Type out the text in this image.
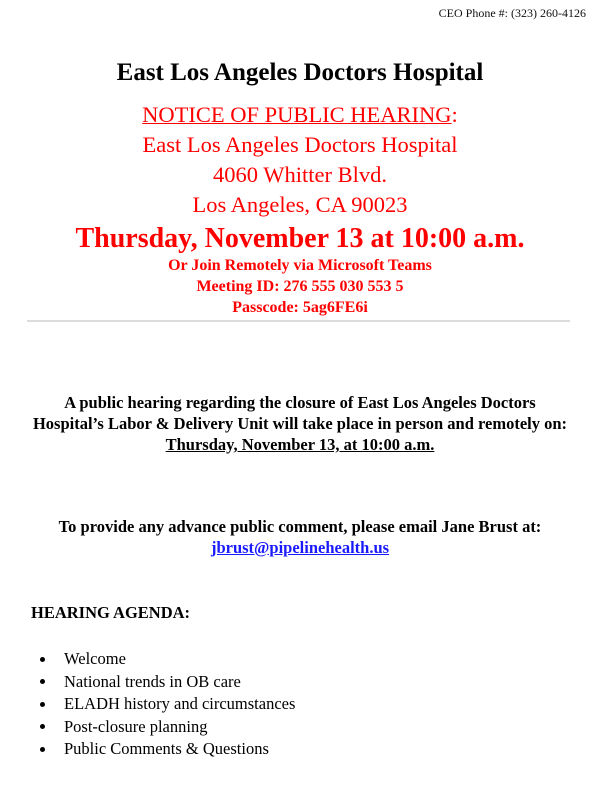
CEO Phone #: (323) 260-4126
East Los Angeles Doctors Hospital
NOTICE OF PUBLIC HEARING:
East Los Angeles Doctors Hospital
4060 Whitter Blvd.
Los Angeles, CA 90023
Thursday, November 13 at 10:00 a.m.
Or Join Remotely via Microsoft Teams
Meeting ID: 276 555 030 553 5
Passcode: 5ag6FE6i
A public hearing regarding the closure of East Los Angeles Doctors Hospital’s Labor & Delivery Unit will take place in person and remotely on:
Thursday, November 13, at 10:00 a.m.
To provide any advance public comment, please email Jane Brust at: jbrust@pipelinehealth.us
HEARING AGENDA:
Welcome
National trends in OB care
ELADH history and circumstances
Post-closure planning
Public Comments & Questions
